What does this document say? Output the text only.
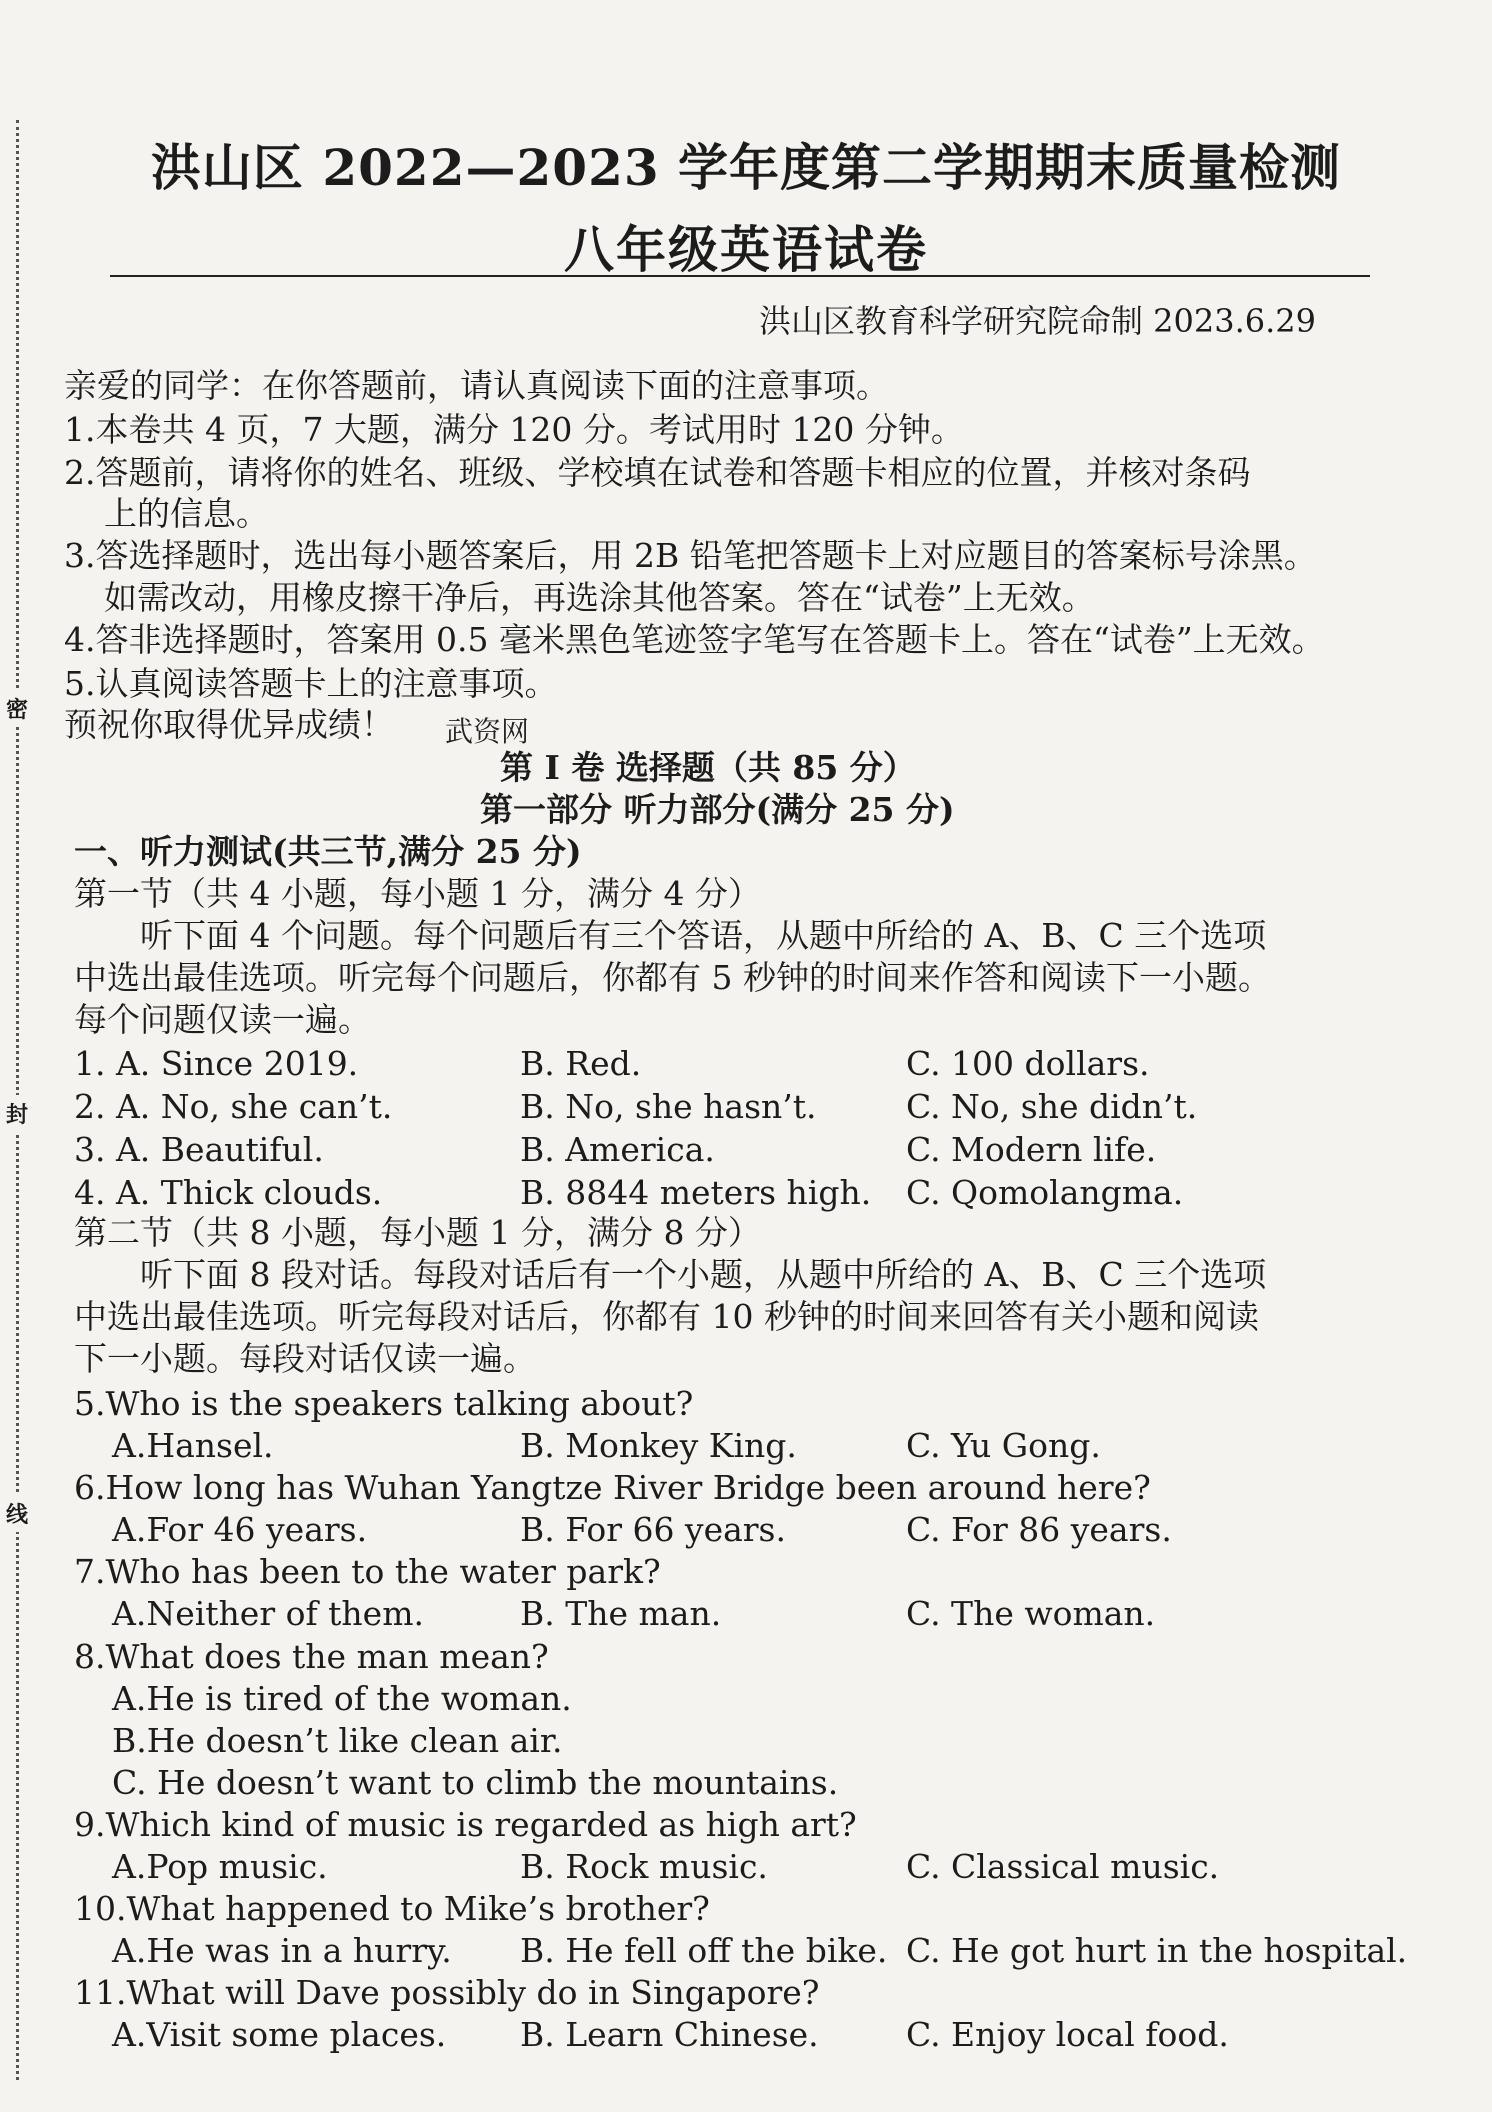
密
封
线
洪山区 2022—2023 学年度第二学期期末质量检测
八年级英语试卷
洪山区教育科学研究院命制 2023.6.29
亲爱的同学：在你答题前，请认真阅读下面的注意事项。
1.本卷共 4 页，7 大题，满分 120 分。考试用时 120 分钟。
2.答题前，请将你的姓名、班级、学校填在试卷和答题卡相应的位置，并核对条码
上的信息。
3.答选择题时，选出每小题答案后，用 2B 铅笔把答题卡上对应题目的答案标号涂黑。
如需改动，用橡皮擦干净后，再选涂其他答案。答在“试卷”上无效。
4.答非选择题时，答案用 0.5 毫米黑色笔迹签字笔写在答题卡上。答在“试卷”上无效。
5.认真阅读答题卡上的注意事项。
预祝你取得优异成绩！ 武资网
第 I 卷 选择题（共 85 分）
第一部分 听力部分(满分 25 分)
一、听力测试(共三节,满分 25 分)
第一节（共 4 小题，每小题 1 分，满分 4 分）
听下面 4 个问题。每个问题后有三个答语，从题中所给的 A、B、C 三个选项
中选出最佳选项。听完每个问题后，你都有 5 秒钟的时间来作答和阅读下一小题。
每个问题仅读一遍。
1. A. Since 2019.	B. Red.	C. 100 dollars.
2. A. No, she can’t.	B. No, she hasn’t.	C. No, she didn’t.
3. A. Beautiful.	B. America.	C. Modern life.
4. A. Thick clouds.	B. 8844 meters high. C. Qomolangma.
第二节（共 8 小题，每小题 1 分，满分 8 分）
听下面 8 段对话。每段对话后有一个小题，从题中所给的 A、B、C 三个选项
中选出最佳选项。听完每段对话后，你都有 10 秒钟的时间来回答有关小题和阅读
下一小题。每段对话仅读一遍。
5.Who is the speakers talking about?
A.Hansel.	B. Monkey King.	C. Yu Gong.
6.How long has Wuhan Yangtze River Bridge been around here?
A.For 46 years.	B. For 66 years.	C. For 86 years.
7.Who has been to the water park?
A.Neither of them.	B. The man.	C. The woman.
8.What does the man mean?
A.He is tired of the woman.
B.He doesn’t like clean air.
C. He doesn’t want to climb the mountains.
9.Which kind of music is regarded as high art?
A.Pop music.	B. Rock music.	C. Classical music.
10.What happened to Mike’s brother?
A.He was in a hurry. B. He fell off the bike. C. He got hurt in the hospital.
11.What will Dave possibly do in Singapore?
A.Visit some places. B. Learn Chinese.	C. Enjoy local food.
